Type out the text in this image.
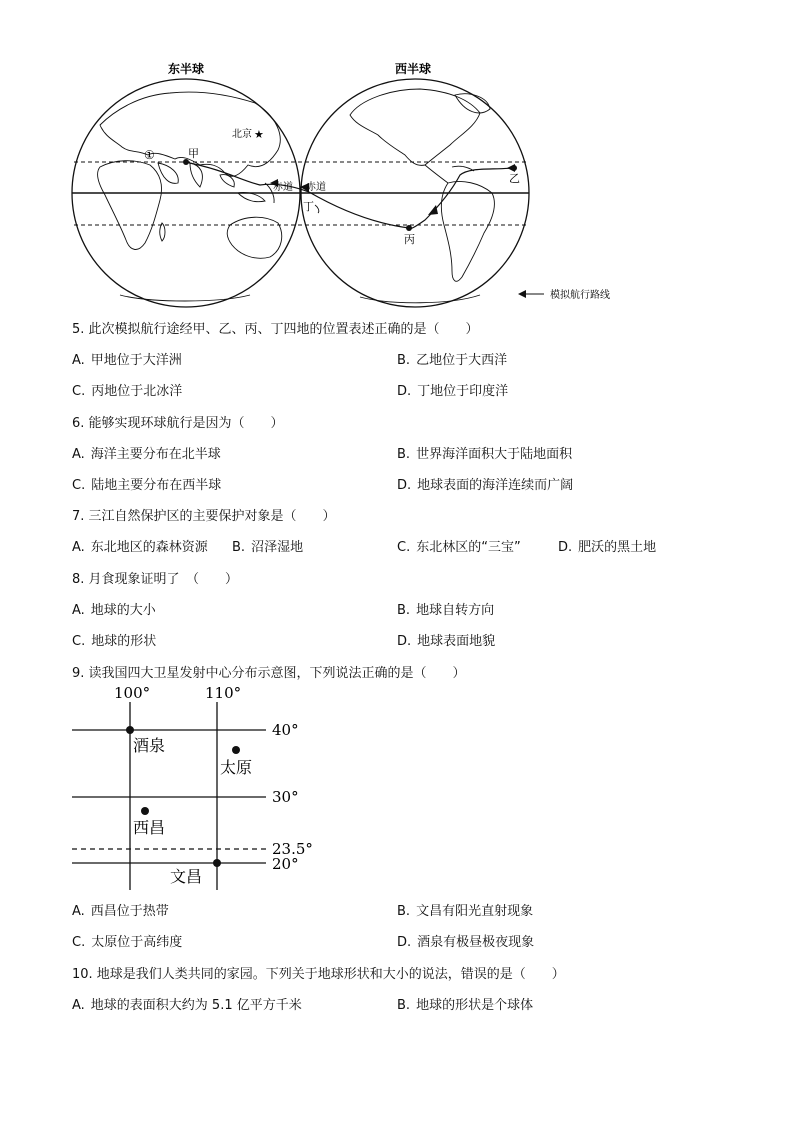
东半球	西半球
甲
北京 ★
①
乙
丙
丁
赤道 赤道
模拟航行路线
5. 此次模拟航行途经甲、乙、丙、丁四地的位置表述正确的是（　　）
A. 甲地位于大洋洲	B. 乙地位于大西洋
C. 丙地位于北冰洋	D. 丁地位于印度洋
6. 能够实现环球航行是因为（　　）
A. 海洋主要分布在北半球	B. 世界海洋面积大于陆地面积
C. 陆地主要分布在西半球	D. 地球表面的海洋连续而广阔
7. 三江自然保护区的主要保护对象是（　　）
A. 东北地区的森林资源 B. 沼泽湿地	C. 东北林区的“三宝”	D. 肥沃的黑土地
8. 月食现象证明了　（　　）
A. 地球的大小	B. 地球自转方向
C. 地球的形状	D. 地球表面地貌
9. 读我国四大卫星发射中心分布示意图，下列说法正确的是（　　）
100°	110°
40°
30°
23.5°
20°
酒泉
太原
西昌
文昌
A. 西昌位于热带	B. 文昌有阳光直射现象
C. 太原位于高纬度	D. 酒泉有极昼极夜现象
10. 地球是我们人类共同的家园。下列关于地球形状和大小的说法，错误的是（　　）
A. 地球的表面积大约为 5.1 亿平方千米	B. 地球的形状是个球体
